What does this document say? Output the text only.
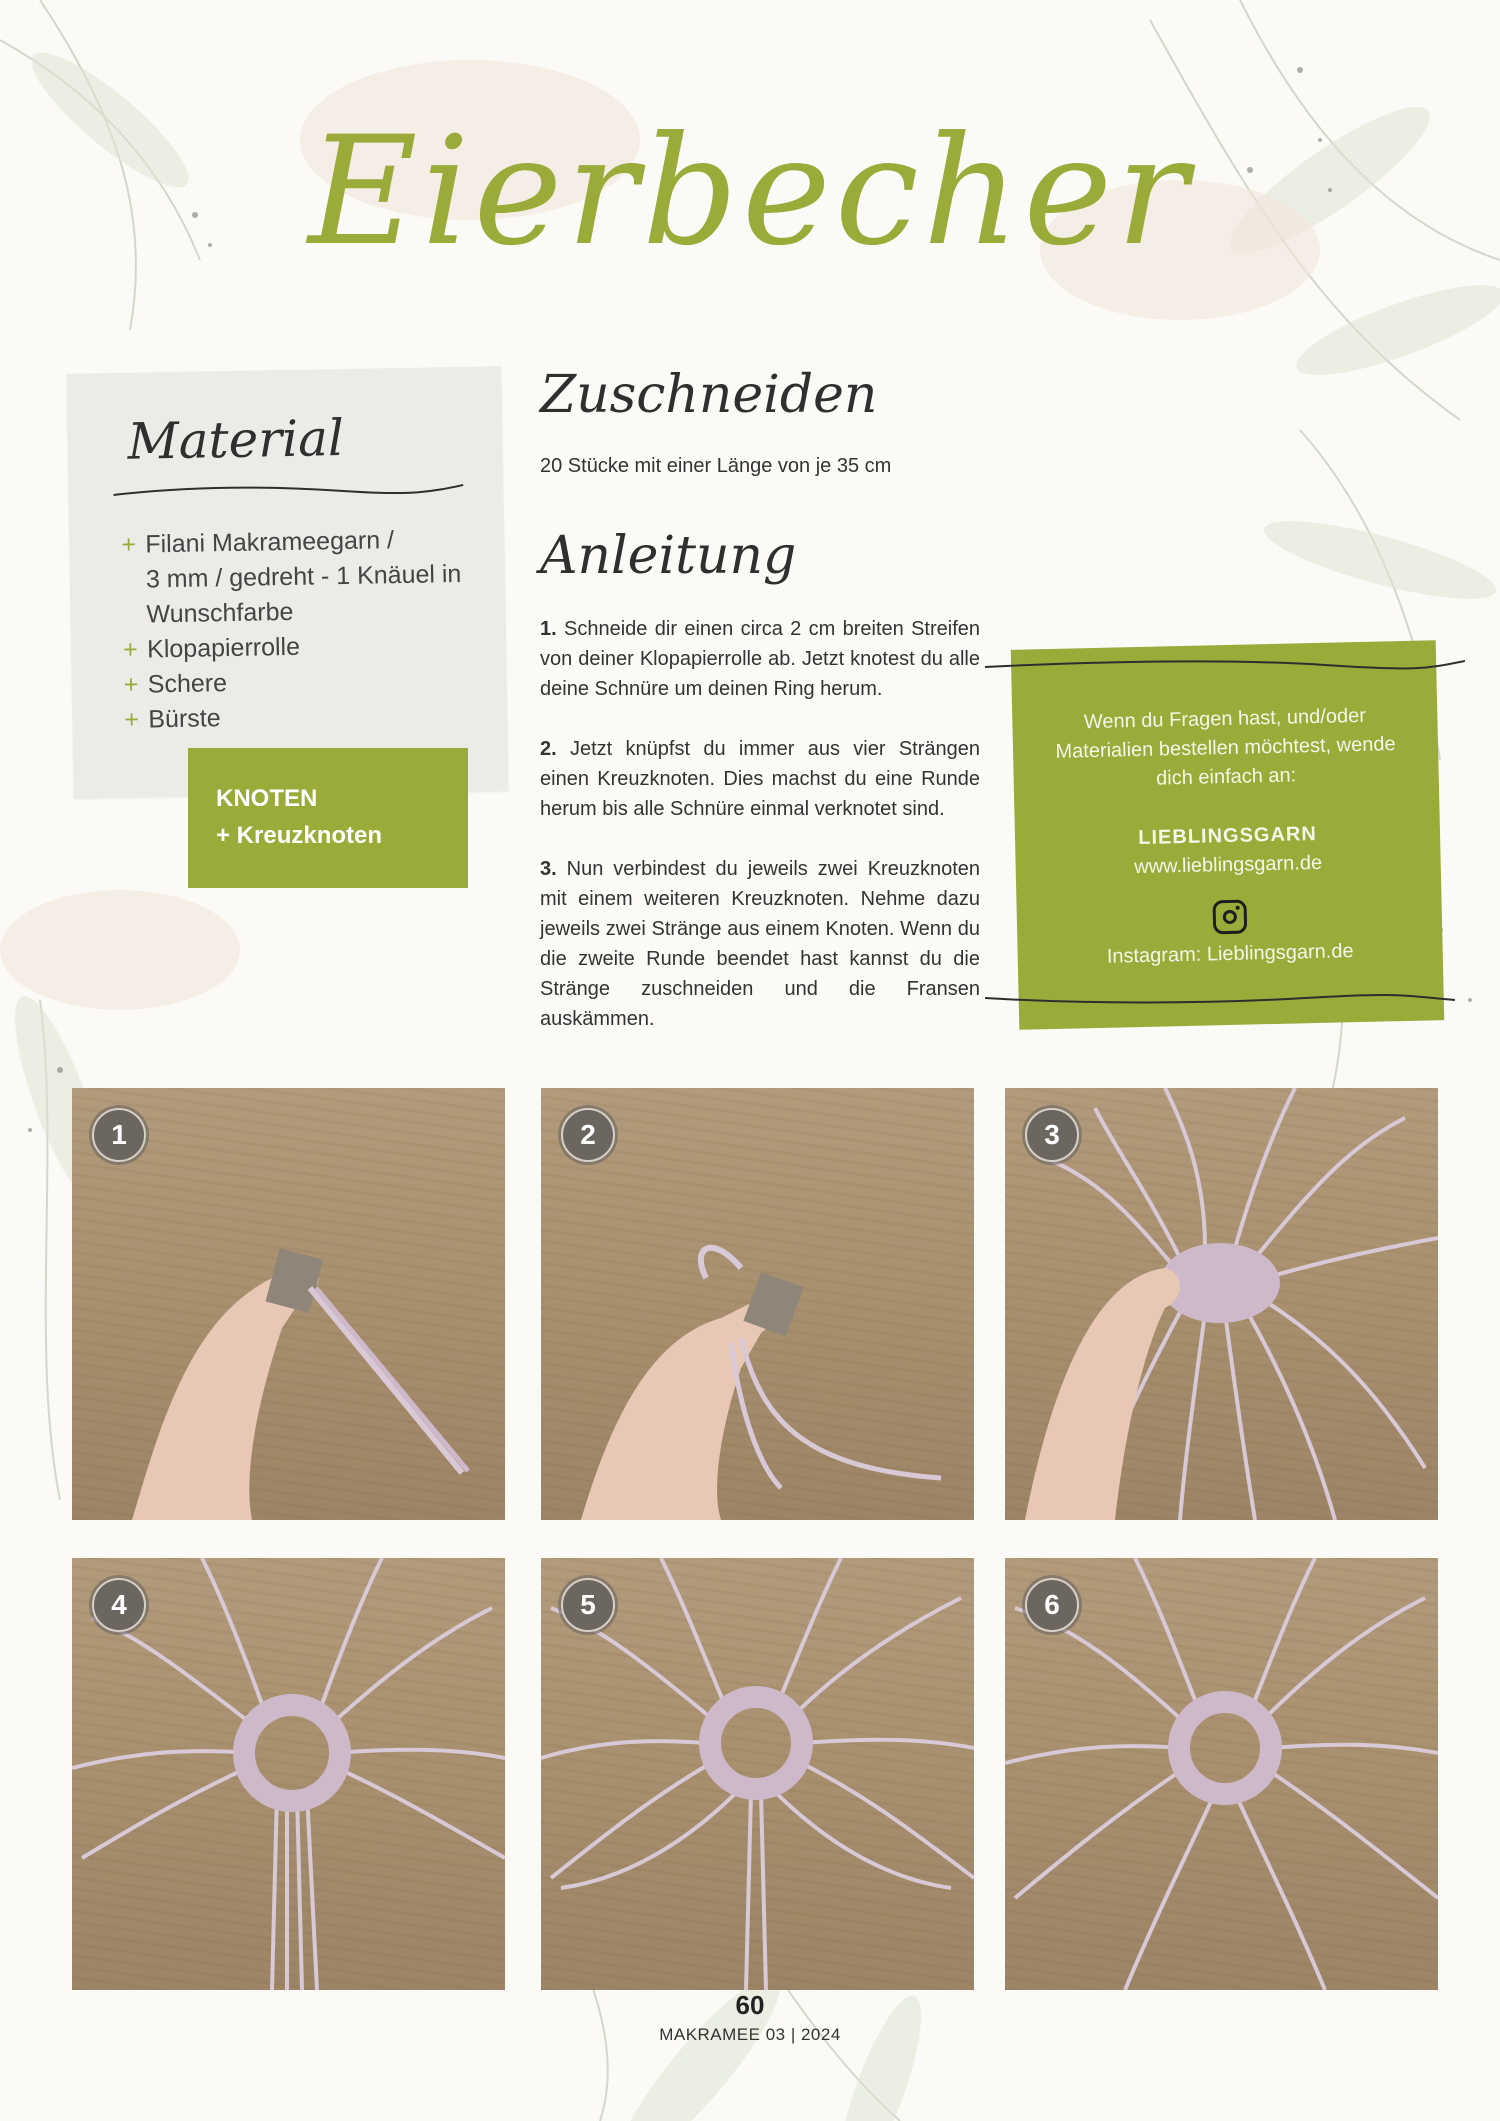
Eierbecher
Material
+ Filani Makrameegarn /
3 mm / gedreht - 1 Knäuel in
Wunschfarbe
+ Klopapierrolle
+ Schere
+ Bürste
KNOTEN
+ Kreuzknoten
Zuschneiden

20 Stücke mit einer Länge von je 35 cm

Anleitung

1. Schneide dir einen circa 2 cm breiten Streifen von deiner Klopapierrolle ab. Jetzt knotest du alle deine Schnüre um deinen Ring herum.

2. Jetzt knüpfst du immer aus vier Strängen einen Kreuzknoten. Dies machst du eine Runde herum bis alle Schnüre einmal verknotet sind.

3. Nun verbindest du jeweils zwei Kreuzknoten mit einem weiteren Kreuzknoten. Nehme dazu jeweils zwei Stränge aus einem Knoten. Wenn du die zweite Runde beendet hast kannst du die Stränge zuschneiden und die Fransen auskämmen.

Wenn du Fragen hast, und/oder Materialien bestellen möchtest, wende dich einfach an:
LIEBLINGSGARN
www.lieblingsgarn.de
Instagram: Lieblingsgarn.de
1	2	3
4	5	6
60
MAKRAMEE 03 | 2024
